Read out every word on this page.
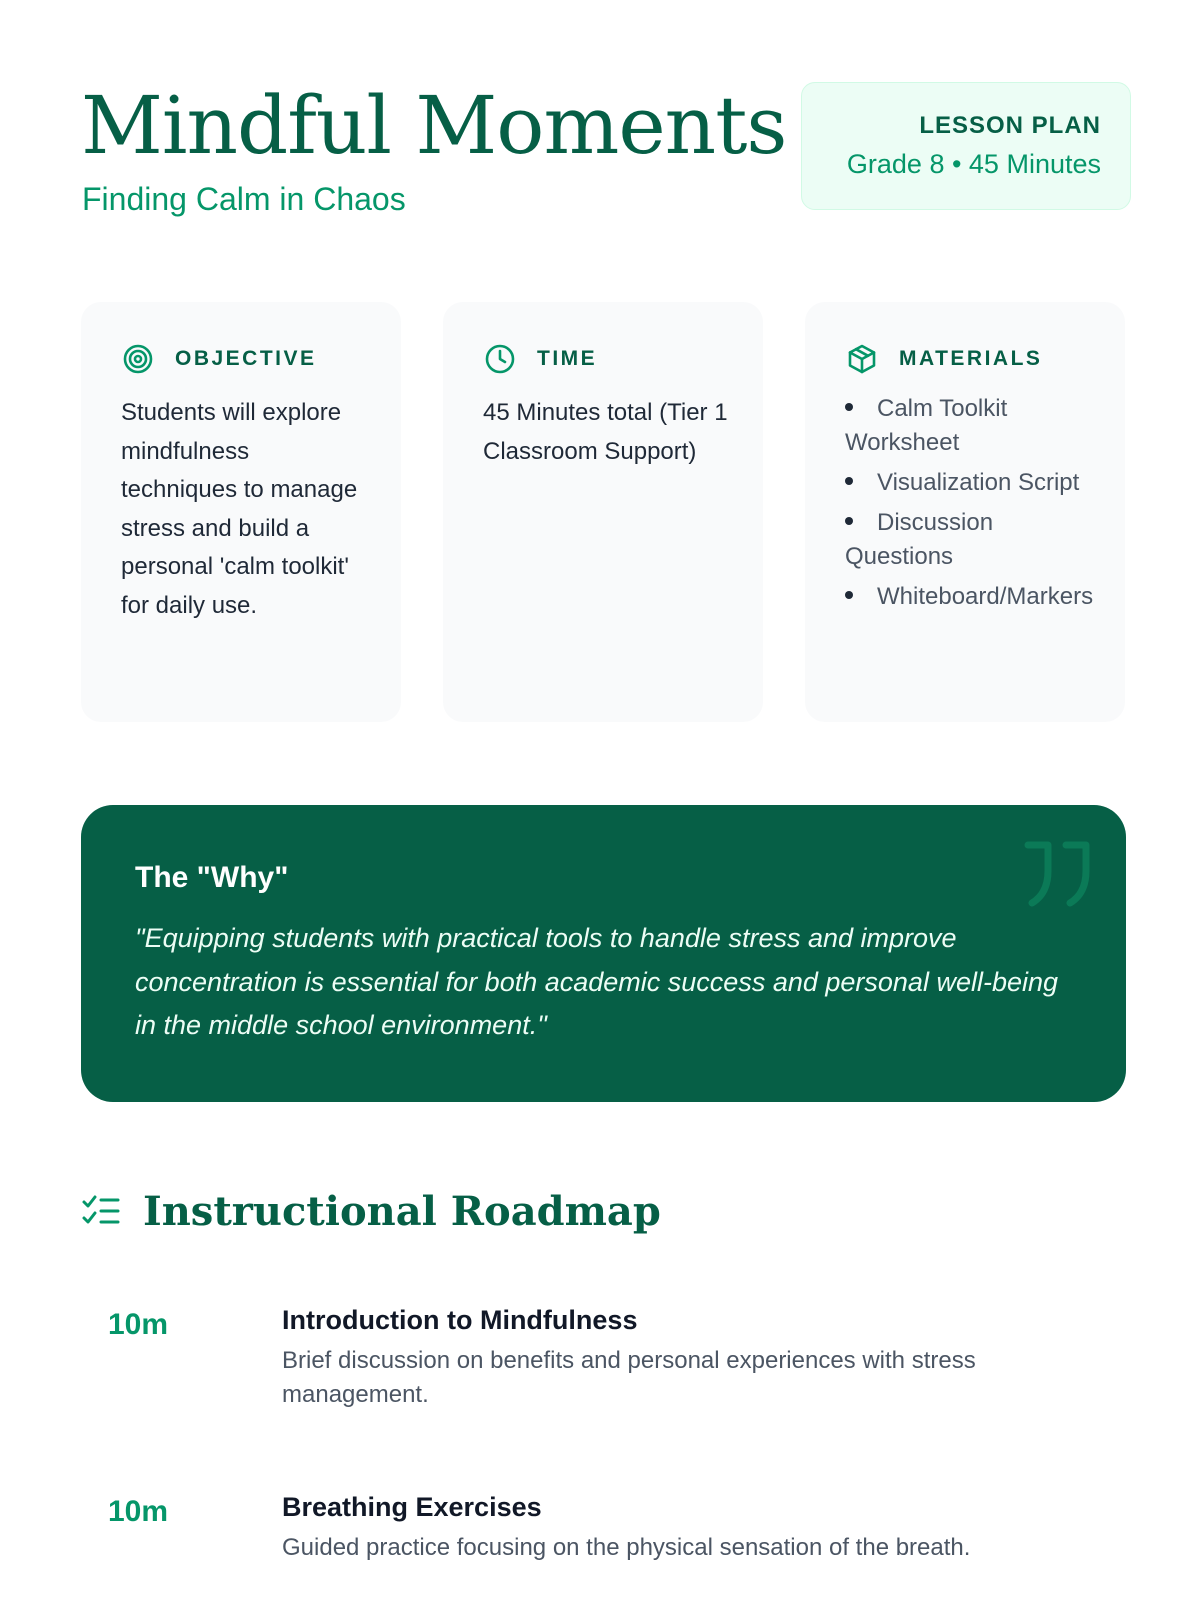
Mindful Moments
Finding Calm in Chaos
LESSON PLAN
Grade 8 • 45 Minutes
OBJECTIVE

Students will explore mindfulness techniques to manage stress and build a personal 'calm toolkit' for daily use.

TIME

45 Minutes total (Tier 1 Classroom Support)

MATERIALS
Calm Toolkit Worksheet
Visualization Script
Discussion Questions
Whiteboard/Markers
The "Why"

"Equipping students with practical tools to handle stress and improve concentration is essential for both academic success and personal well-being in the middle school environment."

Instructional Roadmap
10m	Introduction to Mindfulness

Brief discussion on benefits and personal experiences with stress management.

10m	Breathing Exercises

Guided practice focusing on the physical sensation of the breath.
